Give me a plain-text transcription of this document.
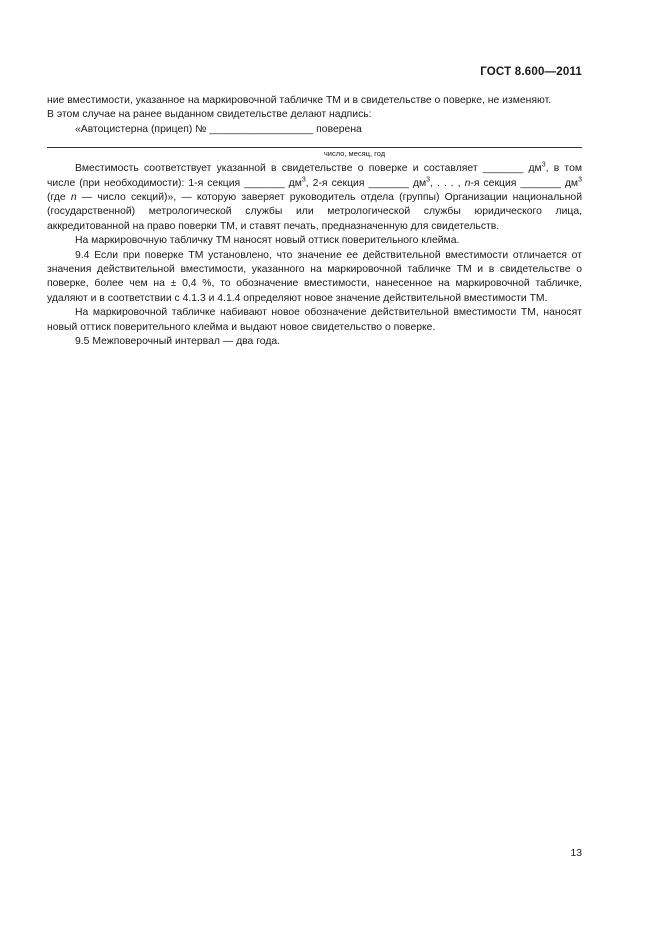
ГОСТ 8.600—2011

ние вместимости, указанное на маркировочной табличке ТМ и в свидетельстве о поверке, не изменяют.

В этом случае на ранее выданном свидетельстве делают надпись:

«Автоцистерна (прицеп) № __________________ поверена

число, месяц, год

Вместимость соответствует указанной в свидетельстве о поверке и составляет _______ $дм^3$, в том числе (при необходимости): 1-я секция _______ $дм^3$, 2-я секция _______ $дм^3$, . . . , n-я секция _______ $дм^3$ (где n — число секций)», — которую заверяет руководитель отдела (группы) Организации национальной (государственной) метрологической службы или метрологической службы юридического лица, аккредитованной на право поверки ТМ, и ставят печать, предназначенную для свидетельств.

На маркировочную табличку ТМ наносят новый оттиск поверительного клейма.

9.4 Если при поверке ТМ установлено, что значение ее действительной вместимости отличается от значения действительной вместимости, указанного на маркировочной табличке ТМ и в свидетельстве о поверке, более чем на ± 0,4 %, то обозначение вместимости, нанесенное на маркировочной табличке, удаляют и в соответствии с 4.1.3 и 4.1.4 определяют новое значение действительной вместимости ТМ.

На маркировочной табличке набивают новое обозначение действительной вместимости ТМ, наносят новый оттиск поверительного клейма и выдают новое свидетельство о поверке.

9.5 Межповерочный интервал — два года.

13
